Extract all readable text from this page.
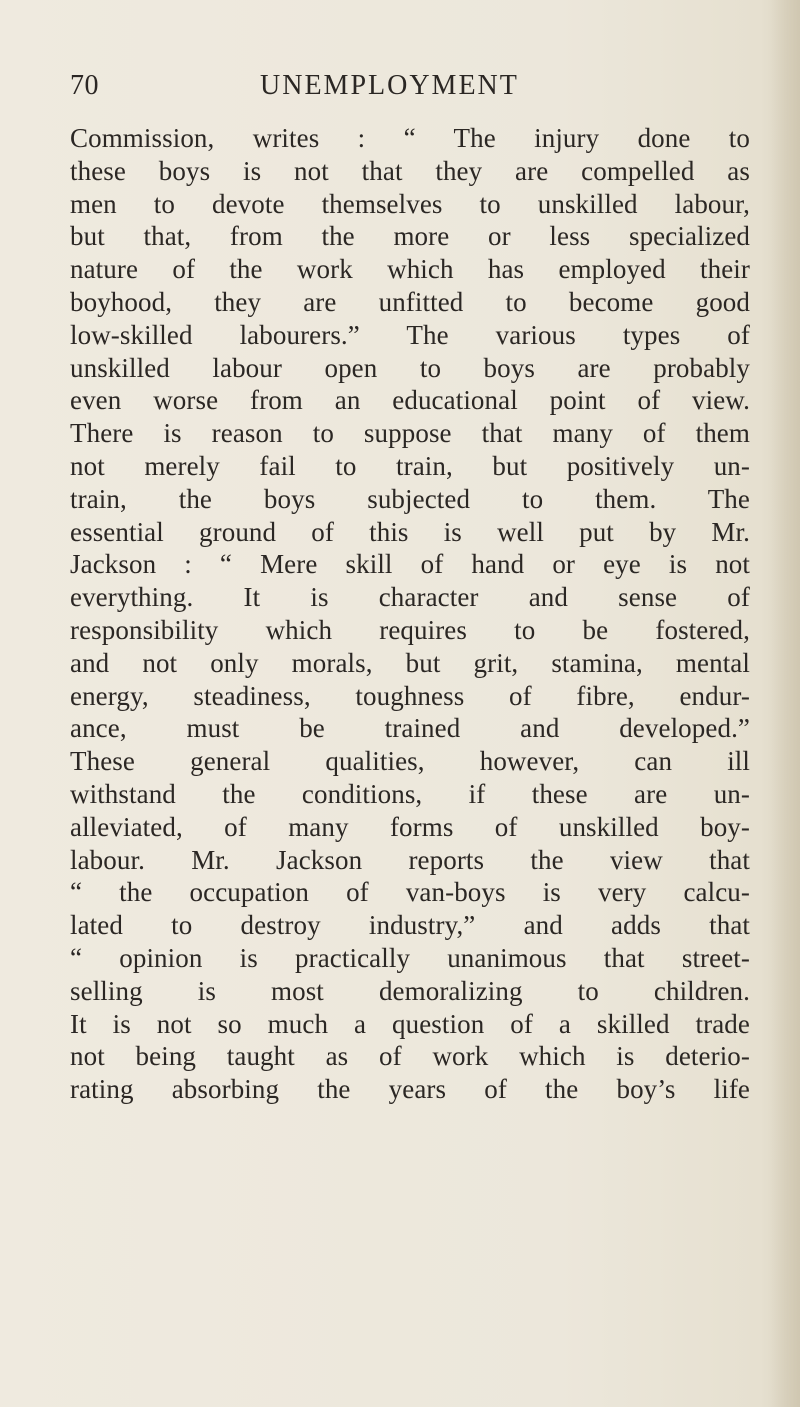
70	UNEMPLOYMENT
Commission, writes : “ The injury done to
these boys is not that they are compelled as
men to devote themselves to unskilled labour,
but that, from the more or less specialized
nature of the work which has employed their
boyhood, they are unfitted to become good
low-skilled labourers.” The various types of
unskilled labour open to boys are probably
even worse from an educational point of view.
There is reason to suppose that many of them
not merely fail to train, but positively un-
train, the boys subjected to them. The
essential ground of this is well put by Mr.
Jackson : “ Mere skill of hand or eye is not
everything. It is character and sense of
responsibility which requires to be fostered,
and not only morals, but grit, stamina, mental
energy, steadiness, toughness of fibre, endur-
ance, must be trained and developed.”
These general qualities, however, can ill
withstand the conditions, if these are un-
alleviated, of many forms of unskilled boy-
labour. Mr. Jackson reports the view that
“ the occupation of van-boys is very calcu-
lated to destroy industry,” and adds that
“ opinion is practically unanimous that street-
selling is most demoralizing to children.
It is not so much a question of a skilled trade
not being taught as of work which is deterio-
rating absorbing the years of the boy’s life
